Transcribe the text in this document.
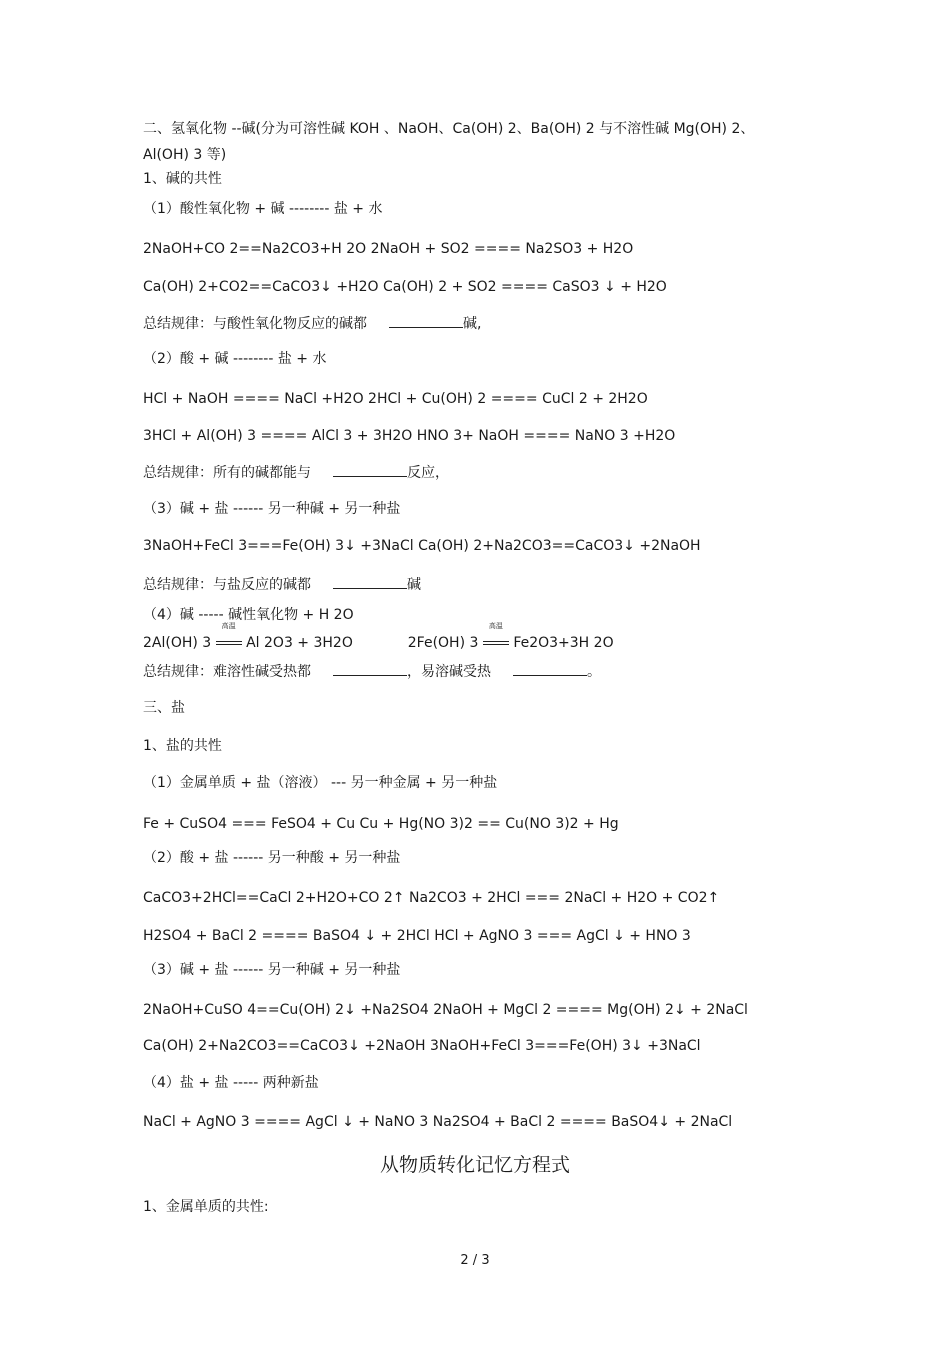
二、氢氧化物 --碱(分为可溶性碱 KOH 、NaOH、Ca(OH) 2、Ba(OH) 2 与不溶性碱 Mg(OH) 2、
Al(OH) 3 等)
1、碱的共性
（1）酸性氧化物 + 碱 -------- 盐 + 水
2NaOH+CO 2==Na2CO3+H 2O 2NaOH + SO2 ==== Na2SO3 + H2O
Ca(OH) 2+CO2==CaCO3↓ +H2O Ca(OH) 2 + SO2 ==== CaSO3 ↓ + H2O
总结规律：与酸性氧化物反应的碱都	碱,
（2）酸 + 碱 -------- 盐 + 水
HCl + NaOH ==== NaCl +H2O 2HCl + Cu(OH) 2 ==== CuCl 2 + 2H2O
3HCl + Al(OH) 3 ==== AlCl 3 + 3H2O HNO 3+ NaOH ==== NaNO 3 +H2O
总结规律：所有的碱都能与	反应，
（3）碱 + 盐 ------ 另一种碱 + 另一种盐
3NaOH+FeCl 3===Fe(OH) 3↓ +3NaCl Ca(OH) 2+Na2CO3==CaCO3↓ +2NaOH
总结规律：与盐反应的碱都	碱
（4）碱 ----- 碱性氧化物 + H 2O
2Al(OH) 3
高温
Al 2O3 + 3H2O	2Fe(OH) 3
高温
Fe2O3+3H 2O
总结规律：难溶性碱受热都	，易溶碱受热	。
三、盐
1、盐的共性
（1）金属单质 + 盐（溶液） --- 另一种金属 + 另一种盐
Fe + CuSO4 === FeSO4 + Cu Cu + Hg(NO 3)2 == Cu(NO 3)2 + Hg
（2）酸 + 盐 ------ 另一种酸 + 另一种盐
CaCO3+2HCl==CaCl 2+H2O+CO 2↑ Na2CO3 + 2HCl === 2NaCl + H2O + CO2↑
H2SO4 + BaCl 2 ==== BaSO4 ↓ + 2HCl HCl + AgNO 3 === AgCl ↓ + HNO 3
（3）碱 + 盐 ------ 另一种碱 + 另一种盐
2NaOH+CuSO 4==Cu(OH) 2↓ +Na2SO4 2NaOH + MgCl 2 ==== Mg(OH) 2↓ + 2NaCl
Ca(OH) 2+Na2CO3==CaCO3↓ +2NaOH 3NaOH+FeCl 3===Fe(OH) 3↓ +3NaCl
（4）盐 + 盐 ----- 两种新盐
NaCl + AgNO 3 ==== AgCl ↓ + NaNO 3 Na2SO4 + BaCl 2 ==== BaSO4↓ + 2NaCl
从物质转化记忆方程式
1、金属单质的共性:
2 / 3
